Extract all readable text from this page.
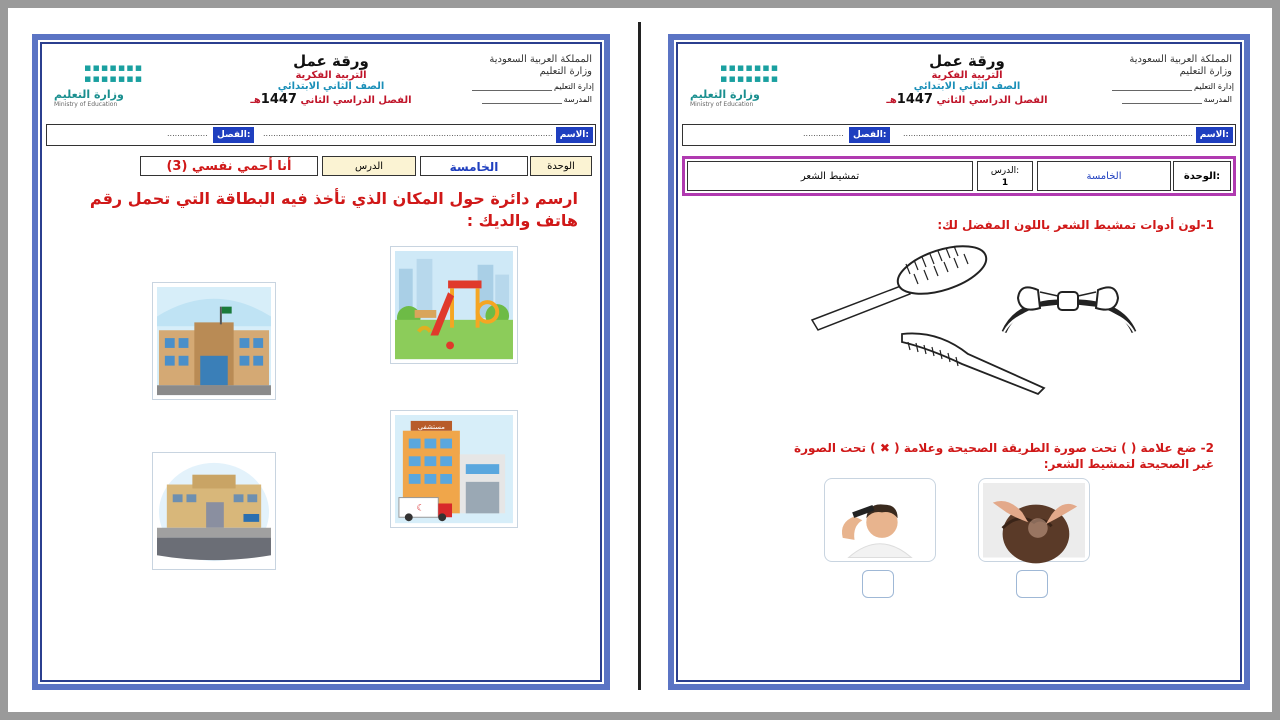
المملكة العربية السعودية وزارة التعليم
إدارة التعليم
المدرسة
ورقة عمل
التربية الفكرية
الصف الثاني الابتدائي
الفصل الدراسي الثاني 1447هـ
▪▪▪▪▪▪▪
▪▪▪▪▪▪▪
وزارة التعليم
Ministry of Education
الاسم:
..................................................................................................................
الفصل:
................
الوحدة
الخامسة
الدرس
أنا أحمي نفسي (3)
ارسم دائرة حول المكان الذي تأخذ فيه البطاقة التي تحمل رقم هاتف والديك :
مستشفى
☾
المملكة العربية السعودية وزارة التعليم
إدارة التعليم
المدرسة
ورقة عمل
التربية الفكرية
الصف الثاني الابتدائي
الفصل الدراسي الثاني 1447هـ
▪▪▪▪▪▪▪
▪▪▪▪▪▪▪
وزارة التعليم
Ministry of Education
الاسم:
..................................................................................................................
الفصل:
................
الوحدة:
الخامسة
الدرس:
1
تمشيط الشعر
1-لون أدوات تمشيط الشعر باللون المفضل لك:
2- ضع علامة ( ) تحت صورة الطريقة الصحيحة وعلامة ( ✖ ) تحت الصورة
غير الصحيحة لتمشيط الشعر:
